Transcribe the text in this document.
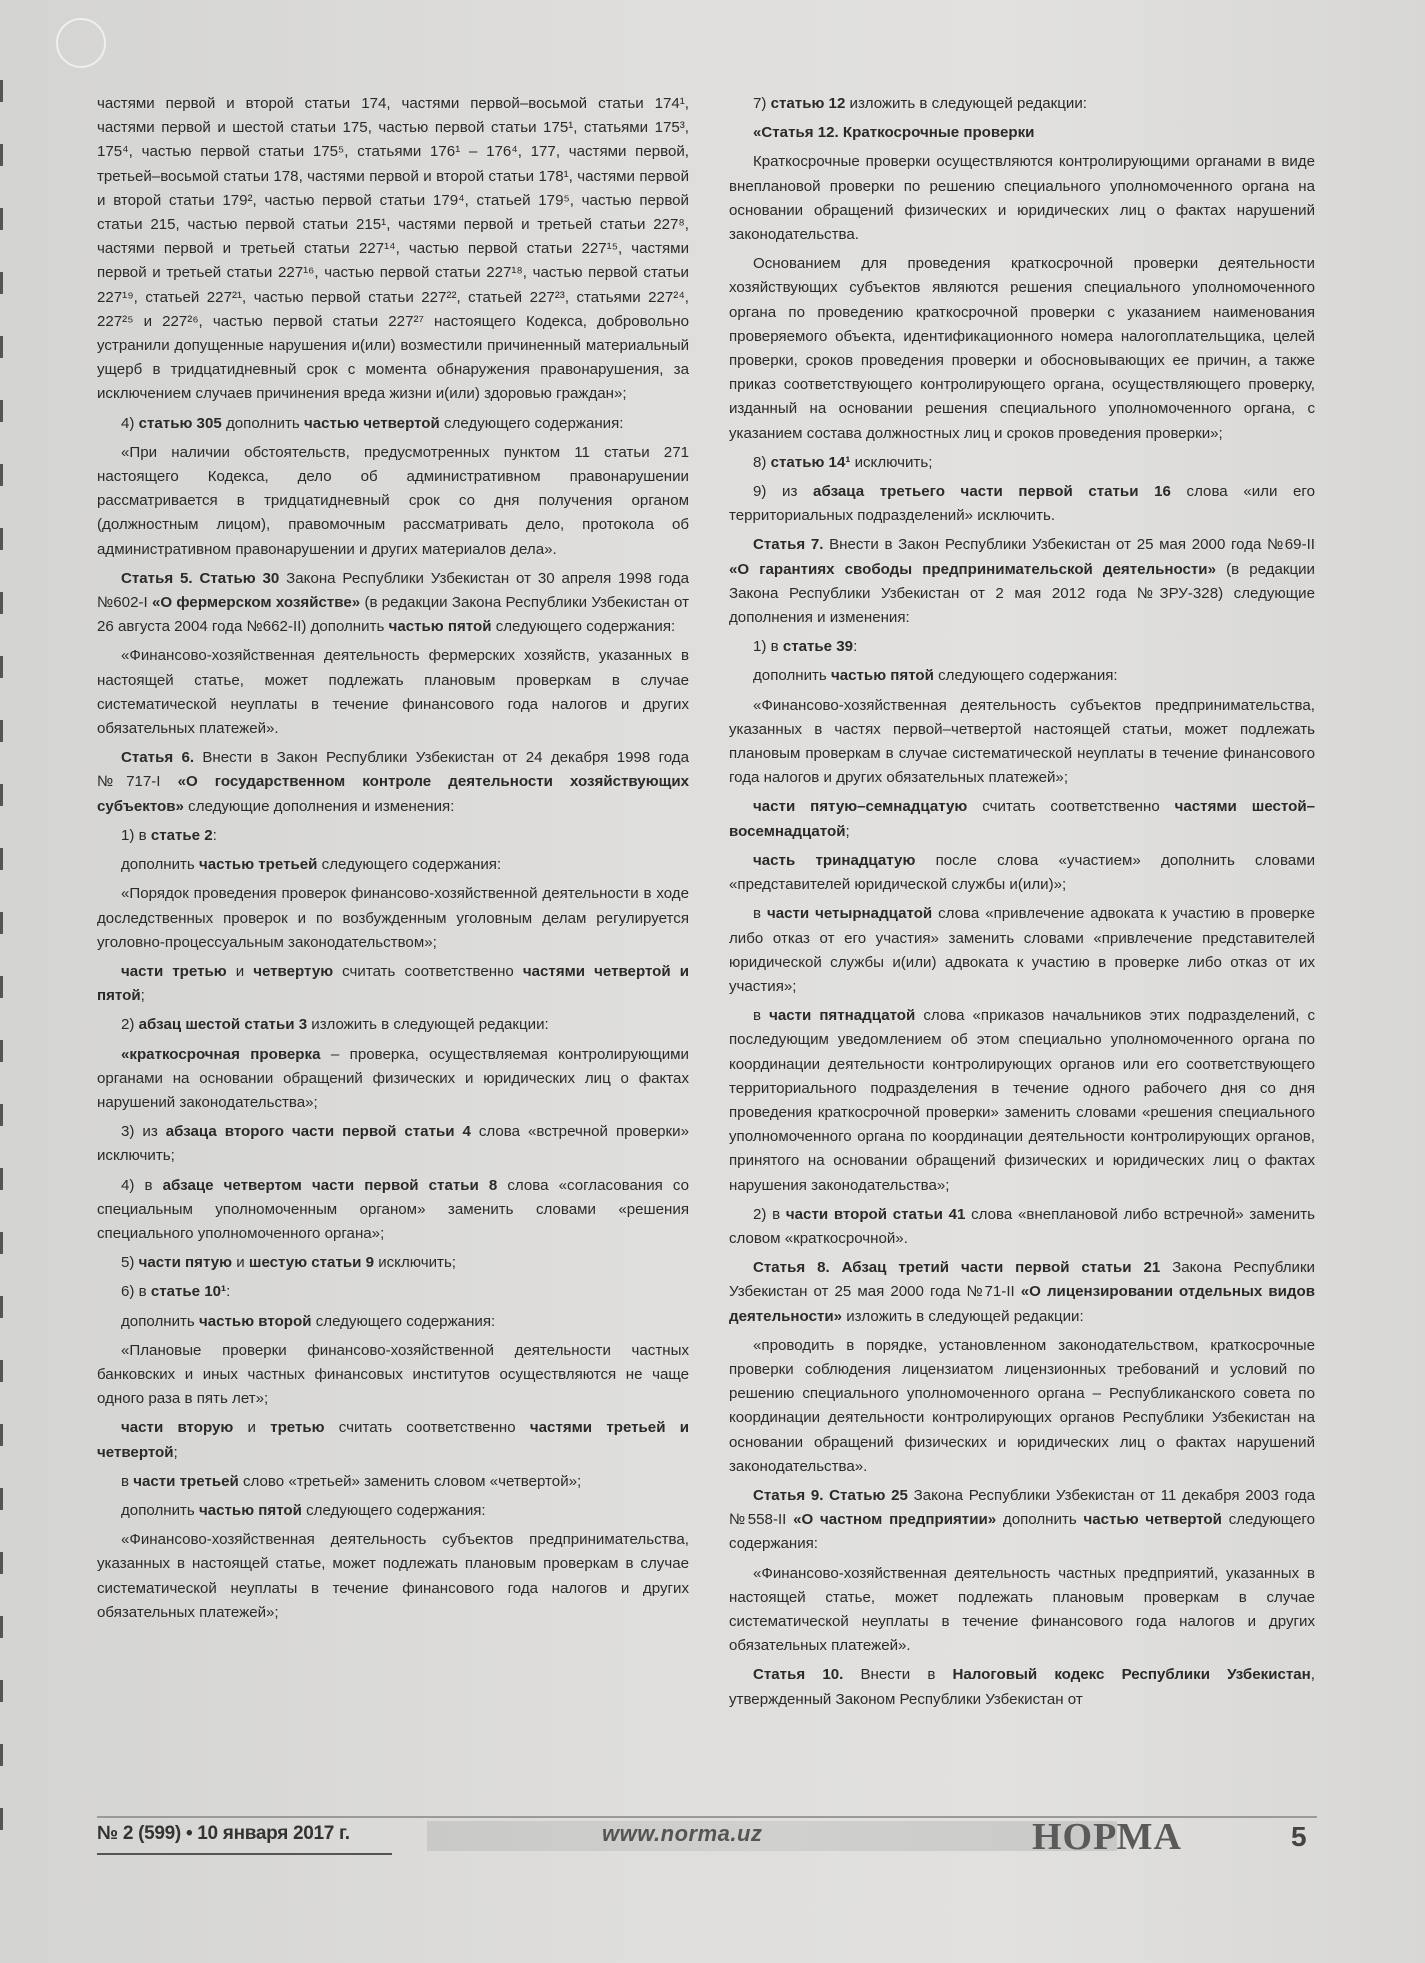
частями первой и второй статьи 174, частями первой–восьмой статьи 174¹, частями первой и шестой статьи 175, частью первой статьи 175¹, статьями 175³, 175⁴, частью первой статьи 175⁵, статьями 176¹ – 176⁴, 177, частями первой, третьей–восьмой статьи 178, частями первой и второй статьи 178¹, частями первой и второй статьи 179², частью первой статьи 179⁴, статьей 179⁵, частью первой статьи 215, частью первой статьи 215¹, частями первой и третьей статьи 227⁸, частями первой и третьей статьи 227¹⁴, частью первой статьи 227¹⁵, частями первой и третьей статьи 227¹⁶, частью первой статьи 227¹⁸, частью первой статьи 227¹⁹, статьей 227²¹, частью первой статьи 227²², статьей 227²³, статьями 227²⁴, 227²⁵ и 227²⁶, частью первой статьи 227²⁷ настоящего Кодекса, добровольно устранили допущенные нарушения и(или) возместили причиненный материальный ущерб в тридцатидневный срок с момента обнаружения правонарушения, за исключением случаев причинения вреда жизни и(или) здоровью граждан»;

4) статью 305 дополнить частью четвертой следующего содержания:

«При наличии обстоятельств, предусмотренных пунктом 11 статьи 271 настоящего Кодекса, дело об административном правонарушении рассматривается в тридцатидневный срок со дня получения органом (должностным лицом), правомочным рассматривать дело, протокола об административном правонарушении и других материалов дела».

Статья 5. Статью 30 Закона Республики Узбекистан от 30 апреля 1998 года №602-I «О фермерском хозяйстве» (в редакции Закона Республики Узбекистан от 26 августа 2004 года №662-II) дополнить частью пятой следующего содержания:

«Финансово-хозяйственная деятельность фермерских хозяйств, указанных в настоящей статье, может подлежать плановым проверкам в случае систематической неуплаты в течение финансового года налогов и других обязательных платежей».

Статья 6. Внести в Закон Республики Узбекистан от 24 декабря 1998 года №717-I «О государственном контроле деятельности хозяйствующих субъектов» следующие дополнения и изменения:

1) в статье 2:

дополнить частью третьей следующего содержания:

«Порядок проведения проверок финансово-хозяйственной деятельности в ходе доследственных проверок и по возбужденным уголовным делам регулируется уголовно-процессуальным законодательством»;

части третью и четвертую считать соответственно частями четвертой и пятой;

2) абзац шестой статьи 3 изложить в следующей редакции:

«краткосрочная проверка – проверка, осуществляемая контролирующими органами на основании обращений физических и юридических лиц о фактах нарушений законодательства»;

3) из абзаца второго части первой статьи 4 слова «встречной проверки» исключить;

4) в абзаце четвертом части первой статьи 8 слова «согласования со специальным уполномоченным органом» заменить словами «решения специального уполномоченного органа»;

5) части пятую и шестую статьи 9 исключить;

6) в статье 10¹:

дополнить частью второй следующего содержания:

«Плановые проверки финансово-хозяйственной деятельности частных банковских и иных частных финансовых институтов осуществляются не чаще одного раза в пять лет»;

части вторую и третью считать соответственно частями третьей и четвертой;

в части третьей слово «третьей» заменить словом «четвертой»;

дополнить частью пятой следующего содержания:

«Финансово-хозяйственная деятельность субъектов предпринимательства, указанных в настоящей статье, может подлежать плановым проверкам в случае систематической неуплаты в течение финансового года налогов и других обязательных платежей»;

7) статью 12 изложить в следующей редакции:

«Статья 12. Краткосрочные проверки

Краткосрочные проверки осуществляются контролирующими органами в виде внеплановой проверки по решению специального уполномоченного органа на основании обращений физических и юридических лиц о фактах нарушений законодательства.

Основанием для проведения краткосрочной проверки деятельности хозяйствующих субъектов являются решения специального уполномоченного органа по проведению краткосрочной проверки с указанием наименования проверяемого объекта, идентификационного номера налогоплательщика, целей проверки, сроков проведения проверки и обосновывающих ее причин, а также приказ соответствующего контролирующего органа, осуществляющего проверку, изданный на основании решения специального уполномоченного органа, с указанием состава должностных лиц и сроков проведения проверки»;

8) статью 14¹ исключить;

9) из абзаца третьего части первой статьи 16 слова «или его территориальных подразделений» исключить.

Статья 7. Внести в Закон Республики Узбекистан от 25 мая 2000 года №69-II «О гарантиях свободы предпринимательской деятельности» (в редакции Закона Республики Узбекистан от 2 мая 2012 года №ЗРУ-328) следующие дополнения и изменения:

1) в статье 39:

дополнить частью пятой следующего содержания:

«Финансово-хозяйственная деятельность субъектов предпринимательства, указанных в частях первой–четвертой настоящей статьи, может подлежать плановым проверкам в случае систематической неуплаты в течение финансового года налогов и других обязательных платежей»;

части пятую–семнадцатую считать соответственно частями шестой–восемнадцатой;

часть тринадцатую после слова «участием» дополнить словами «представителей юридической службы и(или)»;

в части четырнадцатой слова «привлечение адвоката к участию в проверке либо отказ от его участия» заменить словами «привлечение представителей юридической службы и(или) адвоката к участию в проверке либо отказ от их участия»;

в части пятнадцатой слова «приказов начальников этих подразделений, с последующим уведомлением об этом специально уполномоченного органа по координации деятельности контролирующих органов или его соответствующего территориального подразделения в течение одного рабочего дня со дня проведения краткосрочной проверки» заменить словами «решения специального уполномоченного органа по координации деятельности контролирующих органов, принятого на основании обращений физических и юридических лиц о фактах нарушения законодательства»;

2) в части второй статьи 41 слова «внеплановой либо встречной» заменить словом «краткосрочной».

Статья 8. Абзац третий части первой статьи 21 Закона Республики Узбекистан от 25 мая 2000 года №71-II «О лицензировании отдельных видов деятельности» изложить в следующей редакции:

«проводить в порядке, установленном законодательством, краткосрочные проверки соблюдения лицензиатом лицензионных требований и условий по решению специального уполномоченного органа – Республиканского совета по координации деятельности контролирующих органов Республики Узбекистан на основании обращений физических и юридических лиц о фактах нарушений законодательства».

Статья 9. Статью 25 Закона Республики Узбекистан от 11 декабря 2003 года №558-II «О частном предприятии» дополнить частью четвертой следующего содержания:

«Финансово-хозяйственная деятельность частных предприятий, указанных в настоящей статье, может подлежать плановым проверкам в случае систематической неуплаты в течение финансового года налогов и других обязательных платежей».

Статья 10. Внести в Налоговый кодекс Республики Узбекистан, утвержденный Законом Республики Узбекистан от

№ 2 (599) • 10 января 2017 г.	www.norma.uz	НОРМА	5
